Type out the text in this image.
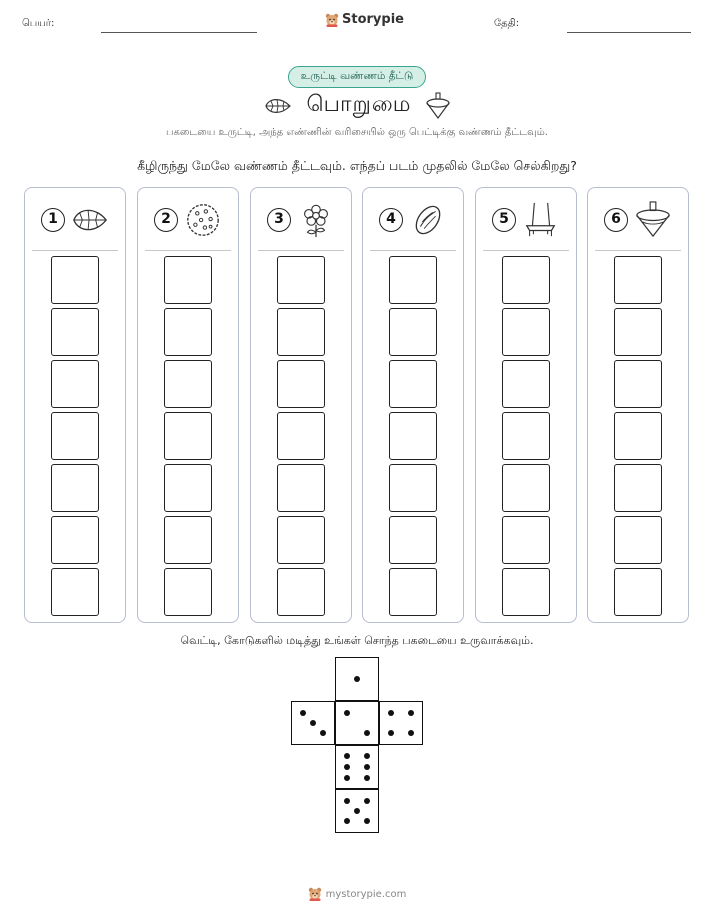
பெயர்:	Storypie	தேதி:
உருட்டி வண்ணம் தீட்டு
பொறுமை
பகடையை உருட்டி, அந்த எண்ணின் வரிசையில் ஒரு பெட்டிக்கு வண்ணம் தீட்டவும்.
கீழிருந்து மேலே வண்ணம் தீட்டவும். எந்தப் படம் முதலில் மேலே செல்கிறது?
1	2	3	4	5	6
வெட்டி, கோடுகளில் மடித்து உங்கள் சொந்த பகடையை உருவாக்கவும்.
mystorypie.com
